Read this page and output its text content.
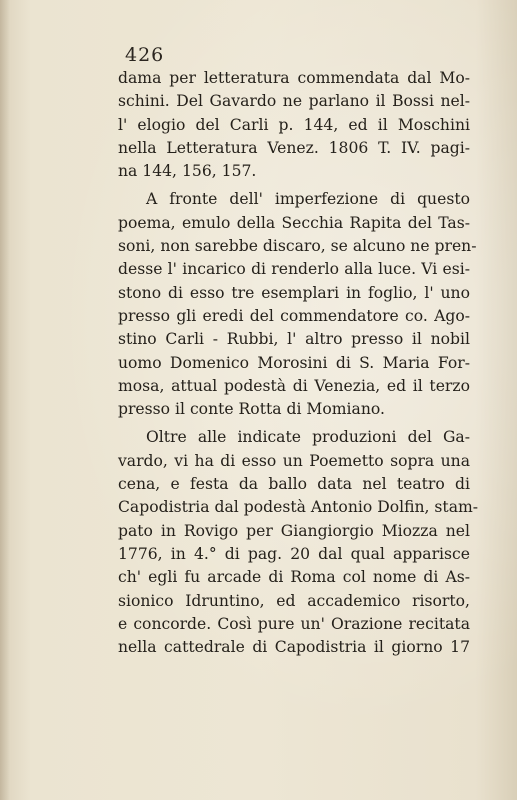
426
dama per letteratura commendata dal Mo-
schini. Del Gavardo ne parlano il Bossi nel-
l' elogio del Carli p. 144, ed il Moschini
nella Letteratura Venez. 1806 T. IV. pagi-
na 144, 156, 157.
A fronte dell' imperfezione di questo
poema, emulo della Secchia Rapita del Tas-
soni, non sarebbe discaro, se alcuno ne pren-
desse l' incarico di renderlo alla luce. Vi esi-
stono di esso tre esemplari in foglio, l' uno
presso gli eredi del commendatore co. Ago-
stino Carli - Rubbi, l' altro presso il nobil
uomo Domenico Morosini di S. Maria For-
mosa, attual podestà di Venezia, ed il terzo
presso il conte Rotta di Momiano.
Oltre alle indicate produzioni del Ga-
vardo, vi ha di esso un Poemetto sopra una
cena, e festa da ballo data nel teatro di
Capodistria dal podestà Antonio Dolfin, stam-
pato in Rovigo per Giangiorgio Miozza nel
1776, in 4.° di pag. 20 dal qual apparisce
ch' egli fu arcade di Roma col nome di As-
sionico Idruntino, ed accademico risorto,
e concorde. Così pure un' Orazione recitata
nella cattedrale di Capodistria il giorno 17
